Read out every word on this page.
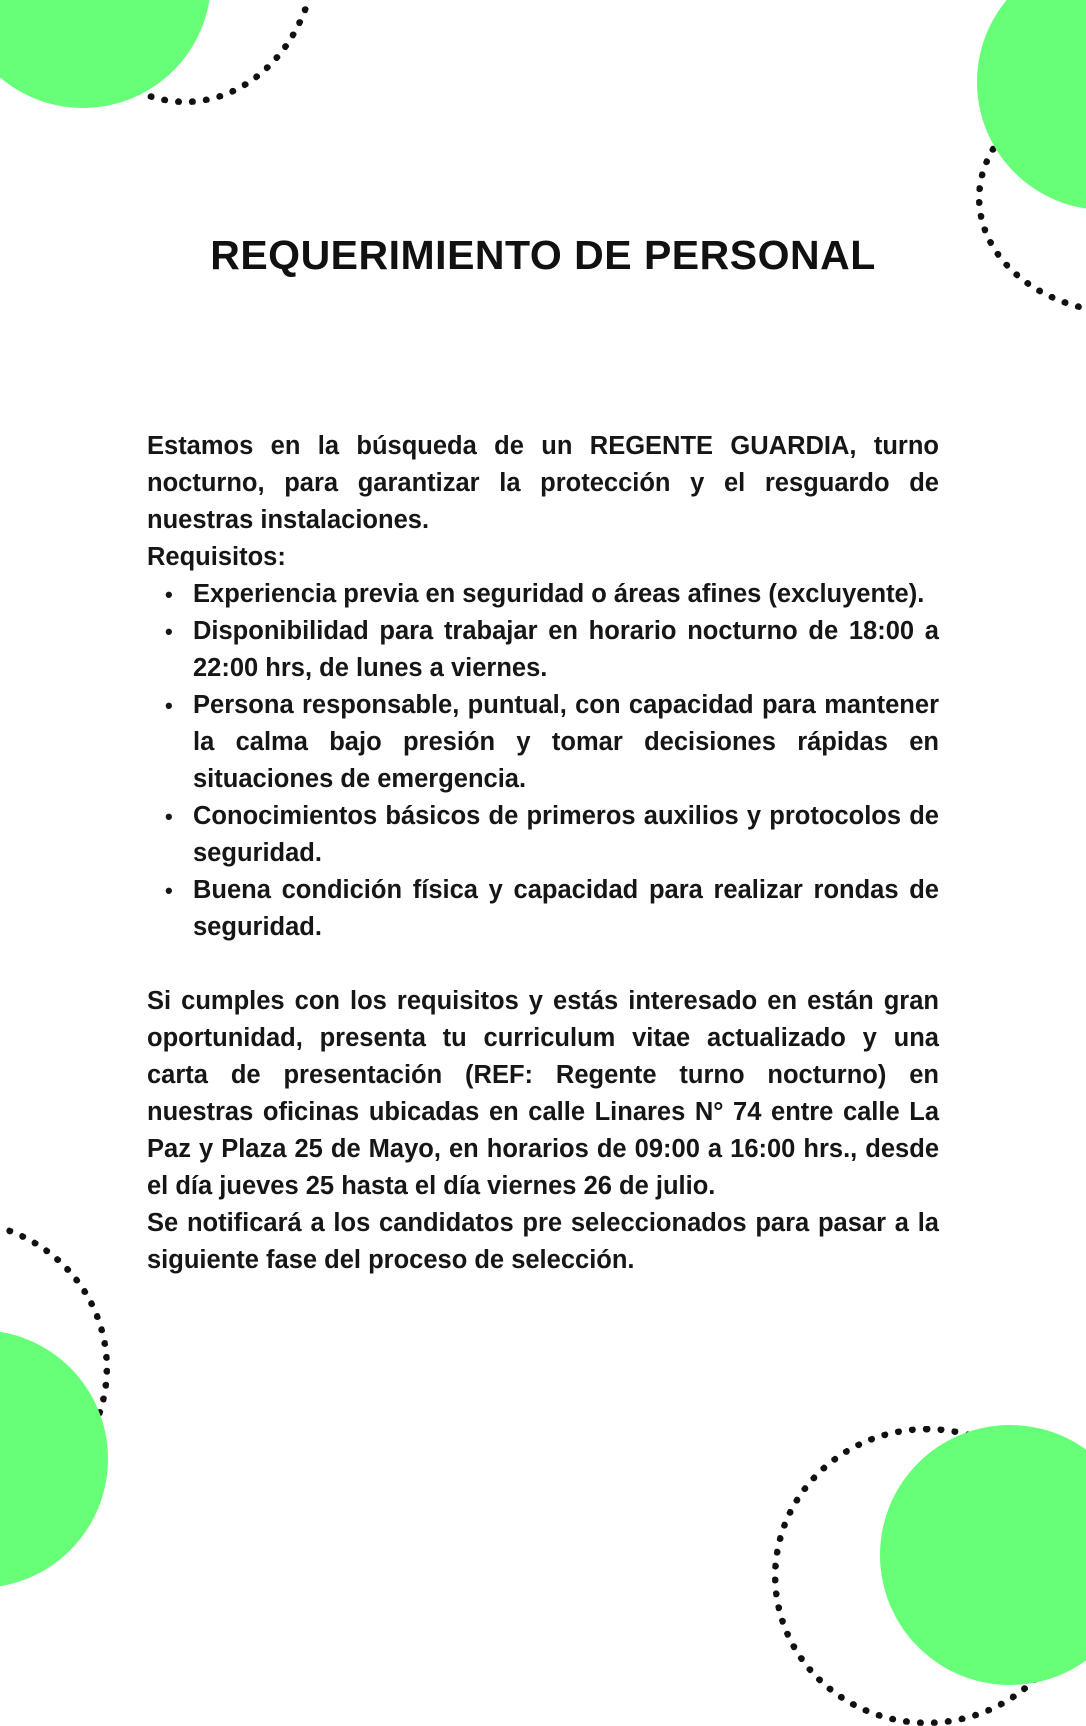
REQUERIMIENTO DE PERSONAL

Estamos en la búsqueda de un REGENTE GUARDIA, turno nocturno, para garantizar la protección y el resguardo de nuestras instalaciones.

Requisitos:

• Experiencia previa en seguridad o áreas afines (excluyente).
• Disponibilidad para trabajar en horario nocturno de 18:00 a 22:00 hrs, de lunes a viernes.
• Persona responsable, puntual, con capacidad para mantener la calma bajo presión y tomar decisiones rápidas en situaciones de emergencia.
• Conocimientos básicos de primeros auxilios y protocolos de seguridad.
• Buena condición física y capacidad para realizar rondas de seguridad.

Si cumples con los requisitos y estás interesado en están gran oportunidad, presenta tu curriculum vitae actualizado y una carta de presentación (REF: Regente turno nocturno) en nuestras oficinas ubicadas en calle Linares N° 74 entre calle La Paz y Plaza 25 de Mayo, en horarios de 09:00 a 16:00 hrs., desde el día jueves 25 hasta el día viernes 26 de julio.

Se notificará a los candidatos pre seleccionados para pasar a la siguiente fase del proceso de selección.
